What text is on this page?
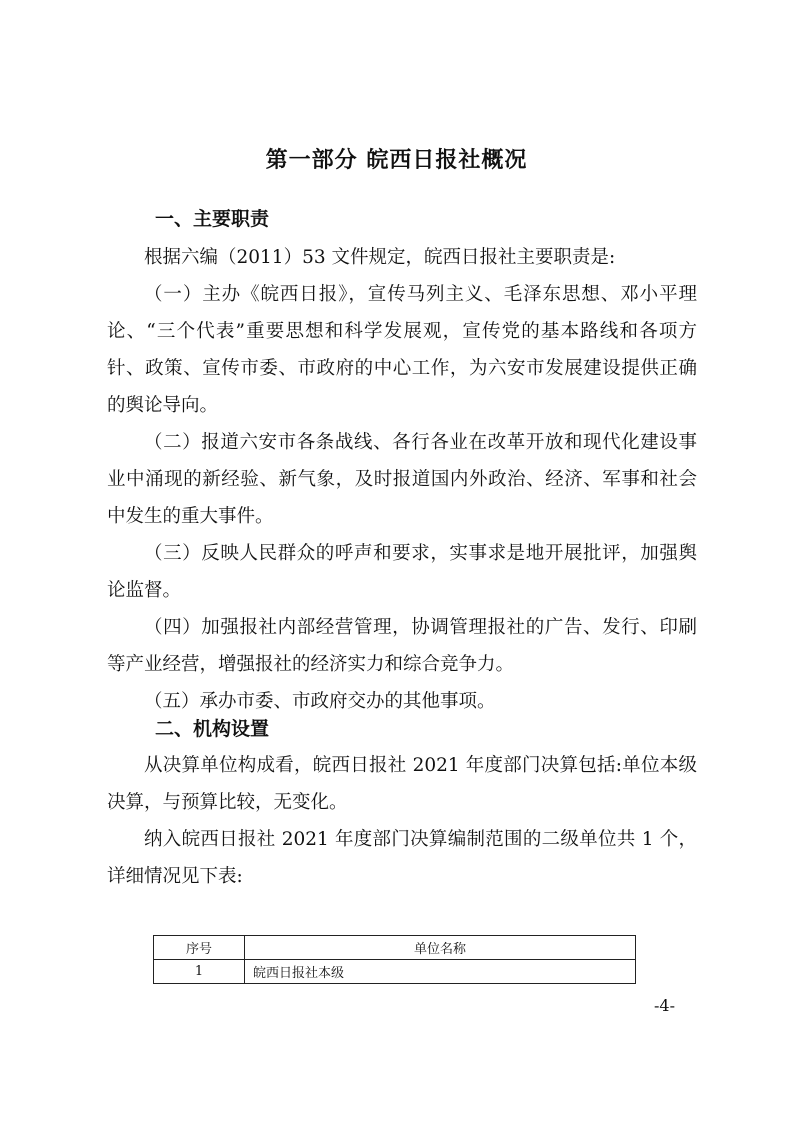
第一部分 皖西日报社概况
一、主要职责

根据六编（2011）53 文件规定，皖西日报社主要职责是:

（一）主办《皖西日报》，宣传马列主义、毛泽东思想、邓小平理论、“三个代表”重要思想和科学发展观，宣传党的基本路线和各项方针、政策、宣传市委、市政府的中心工作，为六安市发展建设提供正确的舆论导向。

（二）报道六安市各条战线、各行各业在改革开放和现代化建设事业中涌现的新经验、新气象，及时报道国内外政治、经济、军事和社会中发生的重大事件。

（三）反映人民群众的呼声和要求，实事求是地开展批评，加强舆论监督。

（四）加强报社内部经营管理，协调管理报社的广告、发行、印刷等产业经营，增强报社的经济实力和综合竞争力。

（五）承办市委、市政府交办的其他事项。

二、机构设置

从决算单位构成看，皖西日报社 2021 年度部门决算包括:单位本级决算，与预算比较，无变化。

纳入皖西日报社 2021 年度部门决算编制范围的二级单位共 1 个，详细情况见下表:

序号	单位名称
1	皖西日报社本级
-4-
